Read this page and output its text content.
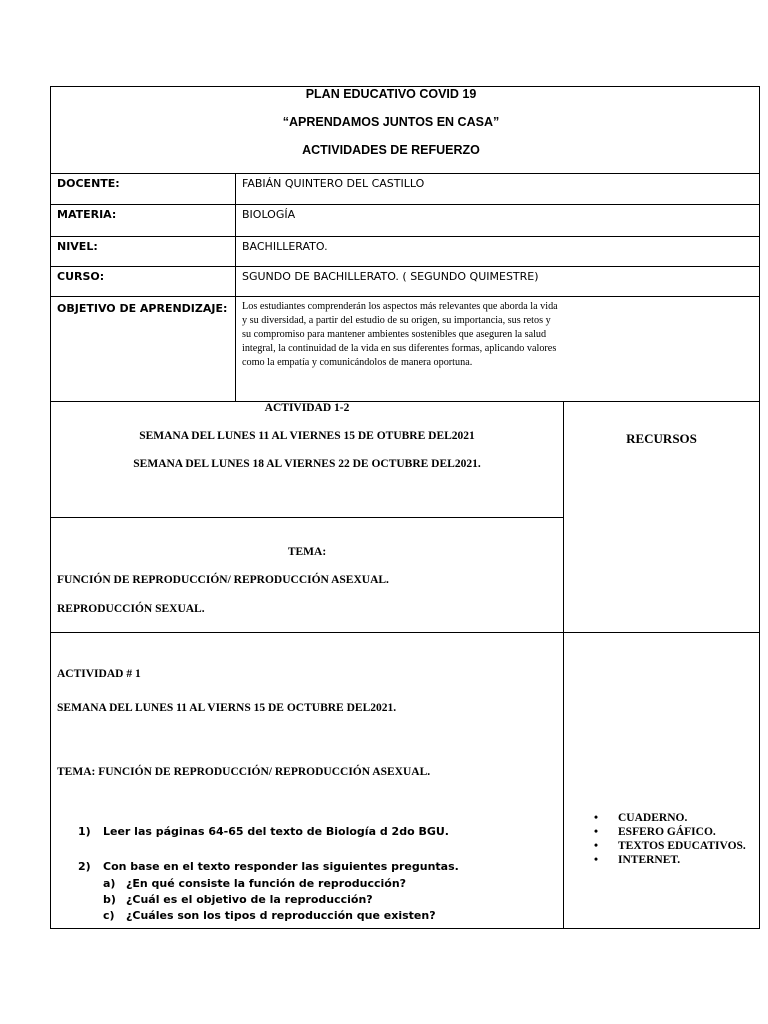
PLAN EDUCATIVO COVID 19
“APRENDAMOS JUNTOS EN CASA”
ACTIVIDADES DE REFUERZO
DOCENTE:	FABIÁN QUINTERO DEL CASTILLO
MATERIA:	BIOLOGÍA
NIVEL:	BACHILLERATO.
CURSO:	SGUNDO DE BACHILLERATO. ( SEGUNDO QUIMESTRE)
OBJETIVO DE APRENDIZAJE: Los estudiantes comprenderán los aspectos más relevantes que aborda la vida y su diversidad, a partir del estudio de su origen, su importancia, sus retos y su compromiso para mantener ambientes sostenibles que aseguren la salud integral, la continuidad de la vida en sus diferentes formas, aplicando valores como la empatía y comunicándolos de manera oportuna.
ACTIVIDAD 1-2
SEMANA DEL LUNES 11 AL VIERNES 15 DE OTUBRE DEL2021
SEMANA DEL LUNES 18 AL VIERNES 22 DE OCTUBRE DEL2021.
RECURSOS
TEMA:
FUNCIÓN DE REPRODUCCIÓN/ REPRODUCCIÓN ASEXUAL.
REPRODUCCIÓN SEXUAL.
ACTIVIDAD # 1
SEMANA DEL LUNES 11 AL VIERNS 15 DE OCTUBRE DEL2021.
TEMA: FUNCIÓN DE REPRODUCCIÓN/ REPRODUCCIÓN ASEXUAL.
1) Leer las páginas 64-65 del texto de Biología d 2do BGU.
2) Con base en el texto responder las siguientes preguntas.
a) ¿En qué consiste la función de reproducción?
b) ¿Cuál es el objetivo de la reproducción?
c) ¿Cuáles son los tipos d reproducción que existen?
• CUADERNO.
• ESFERO GÁFICO.
• TEXTOS EDUCATIVOS.
• INTERNET.
